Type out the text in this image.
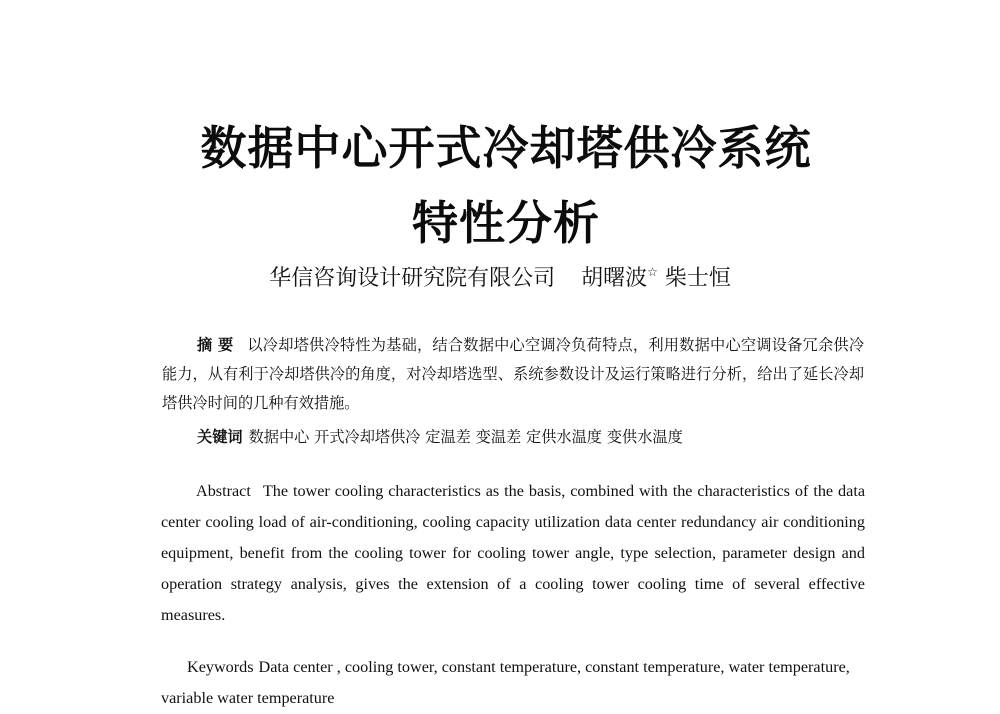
数据中心开式冷却塔供冷系统
特性分析
华信咨询设计研究院有限公司 胡曙波☆ 柴士恒
摘 要 以冷却塔供冷特性为基础，结合数据中心空调冷负荷特点，利用数据中心空调设备冗余供冷能力，从有利于冷却塔供冷的角度，对冷却塔选型、系统参数设计及运行策略进行分析，给出了延长冷却塔供冷时间的几种有效措施。
关键词 数据中心 开式冷却塔供冷 定温差 变温差 定供水温度 变供水温度
Abstract The tower cooling characteristics as the basis, combined with the characteristics of the data center cooling load of air-conditioning, cooling capacity utilization data center redundancy air conditioning equipment, benefit from the cooling tower for cooling tower angle, type selection, parameter design and operation strategy analysis, gives the extension of a cooling tower cooling time of several effective measures.
Keywords Data center , cooling tower, constant temperature, constant temperature, water temperature, variable water temperature
